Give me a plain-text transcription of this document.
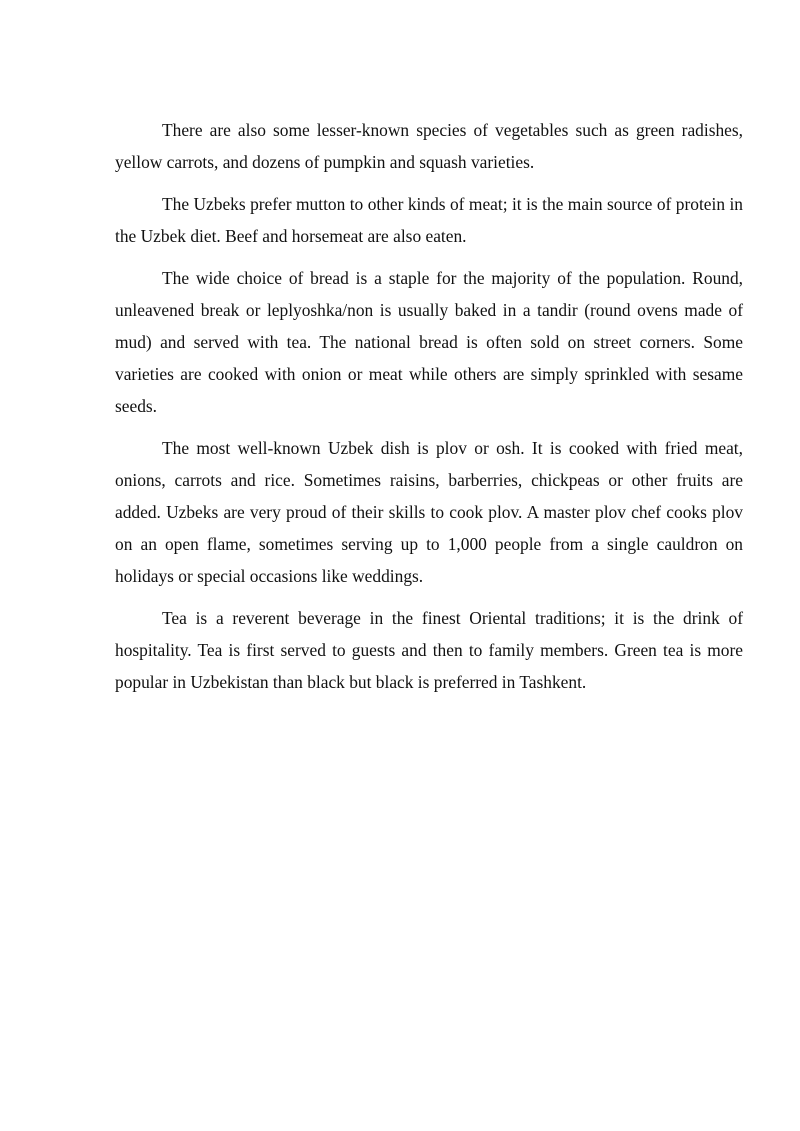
There are also some lesser-known species of vegetables such as green radishes, yellow carrots, and dozens of pumpkin and squash varieties.

The Uzbeks prefer mutton to other kinds of meat; it is the main source of protein in the Uzbek diet. Beef and horsemeat are also eaten.

The wide choice of bread is a staple for the majority of the population. Round, unleavened break or leplyoshka/non is usually baked in a tandir (round ovens made of mud) and served with tea. The national bread is often sold on street corners. Some varieties are cooked with onion or meat while others are simply sprinkled with sesame seeds.

The most well-known Uzbek dish is plov or osh. It is cooked with fried meat, onions, carrots and rice. Sometimes raisins, barberries, chickpeas or other fruits are added. Uzbeks are very proud of their skills to cook plov. A master plov chef cooks plov on an open flame, sometimes serving up to 1,000 people from a single cauldron on holidays or special occasions like weddings.

Tea is a reverent beverage in the finest Oriental traditions; it is the drink of hospitality. Tea is first served to guests and then to family members. Green tea is more popular in Uzbekistan than black but black is preferred in Tashkent.
